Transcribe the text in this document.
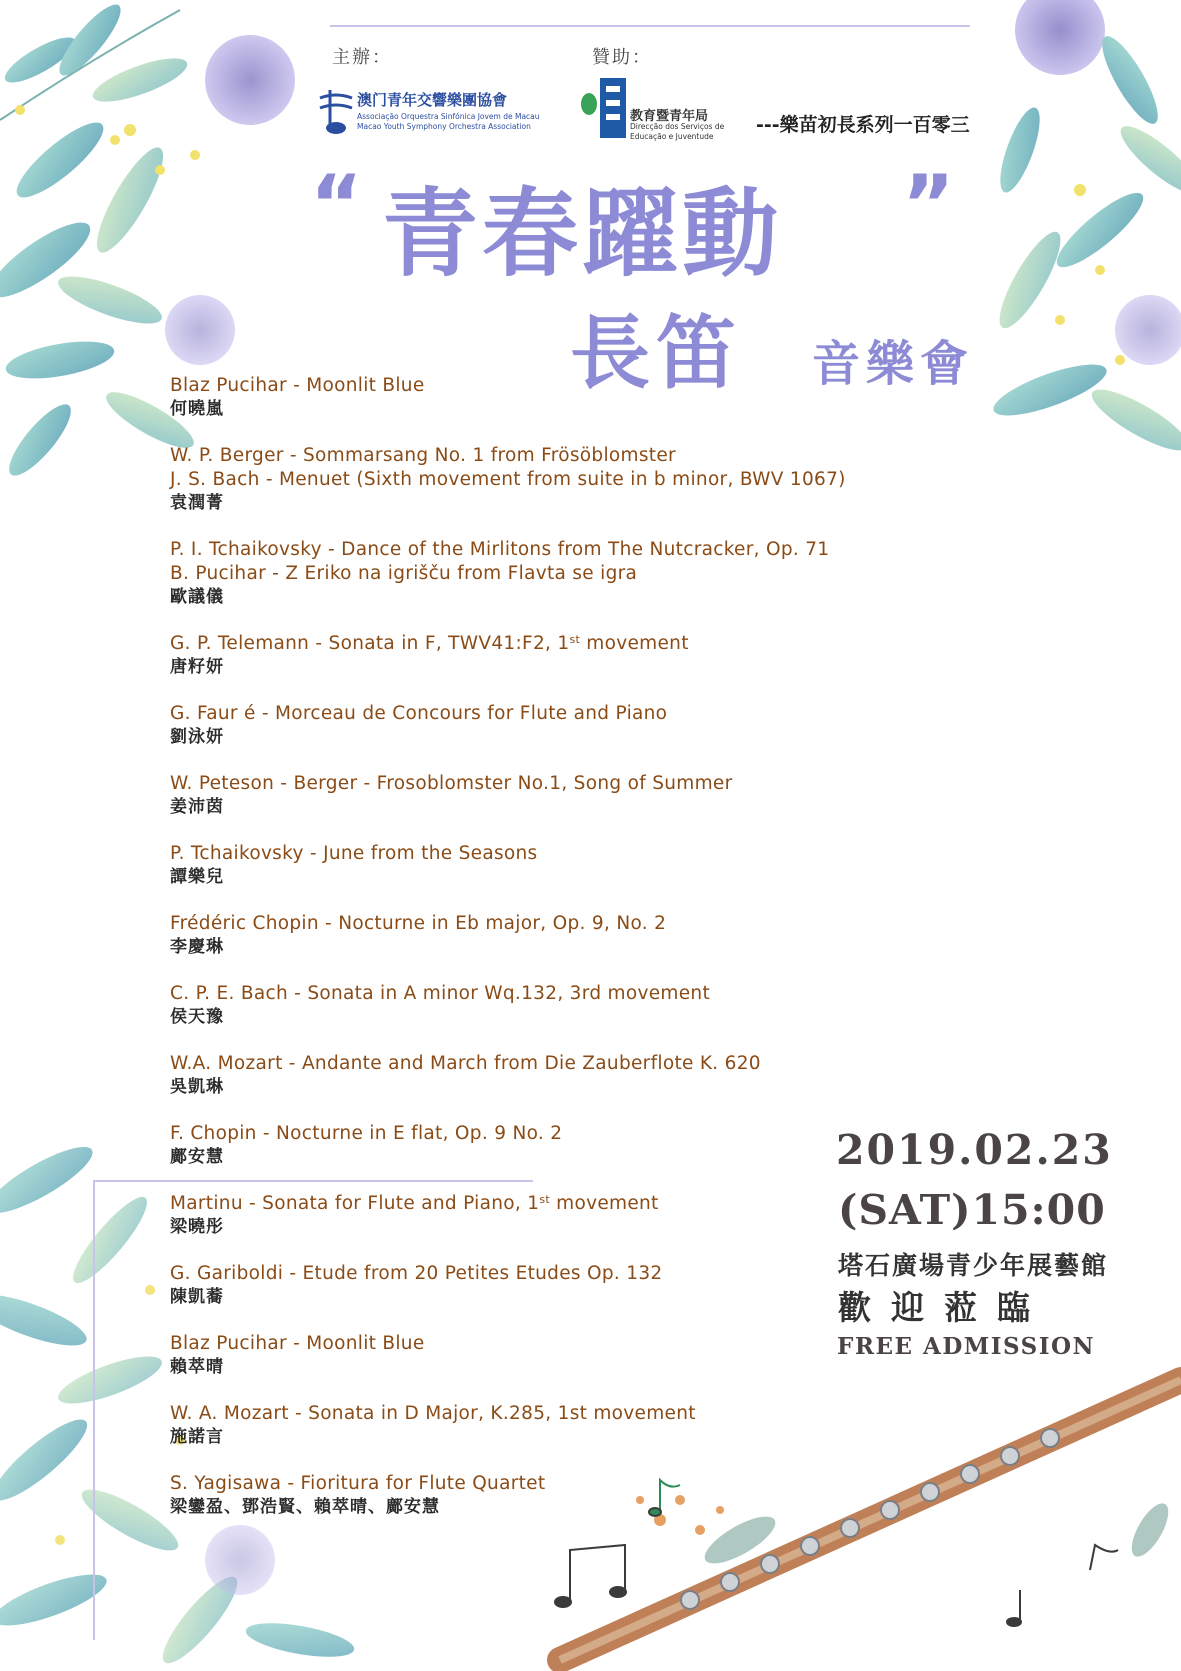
主辦：
澳门青年交響樂團協會
Associação Orquestra Sinfónica Jovem de Macau
Macao Youth Symphony Orchestra Association
贊助：
教育暨青年局
Direcção dos Serviços de
Educação e Juventude
---樂苗初長系列一百零三
“ 青春躍動 ”
長笛 音樂會
Blaz Pucihar - Moonlit Blue
何曉嵐
W. P. Berger - Sommarsang No. 1 from Frösöblomster
J. S. Bach - Menuet (Sixth movement from suite in b minor, BWV 1067)
袁潤菁
P. I. Tchaikovsky - Dance of the Mirlitons from The Nutcracker, Op. 71
B. Pucihar - Z Eriko na igrišču from Flavta se igra
歐議儀
G. P. Telemann - Sonata in F, TWV41:F2, 1st movement
唐籽妍
G. Faur é - Morceau de Concours for Flute and Piano
劉泳妍
W. Peteson - Berger - Frosoblomster No.1, Song of Summer
姜沛茵
P. Tchaikovsky - June from the Seasons
譚樂兒
Frédéric Chopin - Nocturne in Eb major, Op. 9, No. 2
李慶琳
C. P. E. Bach - Sonata in A minor Wq.132, 3rd movement
侯天豫
W.A. Mozart - Andante and March from Die Zauberflote K. 620
吳凱琳
F. Chopin - Nocturne in E flat, Op. 9 No. 2
鄺安慧
Martinu - Sonata for Flute and Piano, 1st movement
梁曉彤
G. Gariboldi - Etude from 20 Petites Etudes Op. 132
陳凱蕎
Blaz Pucihar - Moonlit Blue
賴萃晴
W. A. Mozart - Sonata in D Major, K.285, 1st movement
施諾言
S. Yagisawa - Fioritura for Flute Quartet
梁鑾盈、鄧浩賢、賴萃晴、鄺安慧
2019.02.23
(SAT)15:00
塔石廣場青少年展藝館
歡迎蒞臨
FREE ADMISSION
